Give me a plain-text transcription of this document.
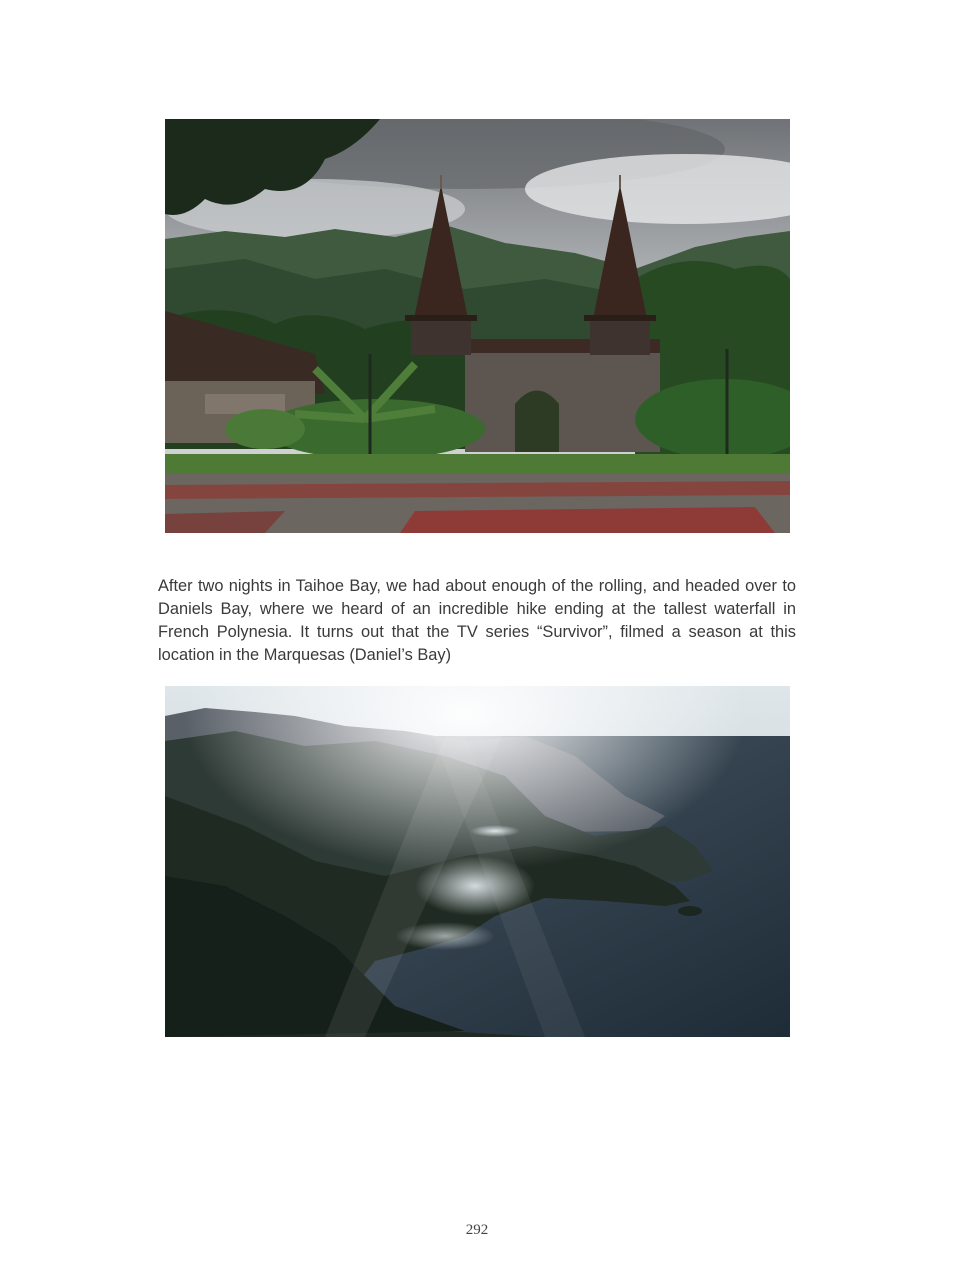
After two nights in Taihoe Bay, we had about enough of the rolling, and headed over to Daniels Bay, where we heard of an incredible hike ending at the tallest waterfall in French Polynesia. It turns out that the TV series “Survivor”, filmed a season at this location in the Marquesas (Daniel’s Bay)

292
